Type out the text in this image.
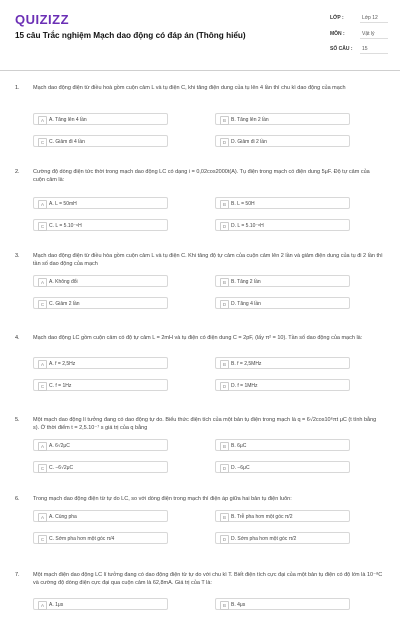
QUIZIZZ
15 câu Trắc nghiệm Mạch dao động có đáp án (Thông hiểu)
LỚP :	Lớp 12
MÔN :	Vật lý
SỐ CÂU : 15
1. Mạch dao động điện từ điều hoà gồm cuộn cảm L và tụ điện C, khi tăng điện dung của tụ lên 4 lần thì chu kì dao động của mạch
A	A. Tăng lên 4 lần	B	B. Tăng lên 2 lần
C C. Giảm đi 4 lần	D D. Giảm đi 2 lần
2. Cường độ dòng điện tức thời trong mạch dao động LC có dạng i = 0,02cos2000t(A). Tụ điện trong mạch có điện dung 5μF. Độ tự cảm của cuộn cảm là:
A	A. L = 50mH	B	B. L = 50H
C C. L = 5.10⁻⁶H	D D. L = 5.10⁻⁸H
3. Mạch dao động điện từ điều hòa gồm cuộn cảm L và tụ điện C. Khi tăng độ tự cảm của cuộn cảm lên 2 lần và giảm điện dung của tụ đi 2 lần thì tần số dao động của mạch
A	A. Không đổi	B	B. Tăng 2 lần
C C. Giảm 2 lần	D D. Tăng 4 lần
4. Mạch dao động LC gồm cuộn cảm có độ tự cảm L = 2mH và tụ điện có điện dung C = 2pF, (lấy π² = 10). Tần số dao động của mạch là:
A	A. f = 2,5Hz	B	B. f = 2,5MHz
C C. f = 1Hz	D D. f = 1MHz
5. Một mạch dao động lí tưởng đang có dao động tự do. Biểu thức điện tích của một bản tụ điện trong mạch là q = 6√2cos10⁶πt μC (t tính bằng s). Ở thời điểm t = 2,5.10⁻⁷ s giá trị của q bằng
A	A. 6√2μC	B	B. 6μC
C C. −6√2μC	D D. −6μC
6. Trong mạch dao động điện từ tự do LC, so với dòng điện trong mạch thì điện áp giữa hai bản tụ điện luôn:
A	A. Cùng pha	B	B. Trễ pha hơn một góc π/2
C C. Sớm pha hơn một góc π/4	D D. Sớm pha hơn một góc π/2
7. Một mạch điện dao động LC lí tưởng đang có dao động điện từ tự do với chu kì T. Biết điện tích cực đại của một bản tụ điện có độ lớn là 10⁻⁸C và cường độ dòng điện cực đại qua cuộn cảm là 62,8mA. Giá trị của T là:
A	A. 1μs	B	B. 4μs
